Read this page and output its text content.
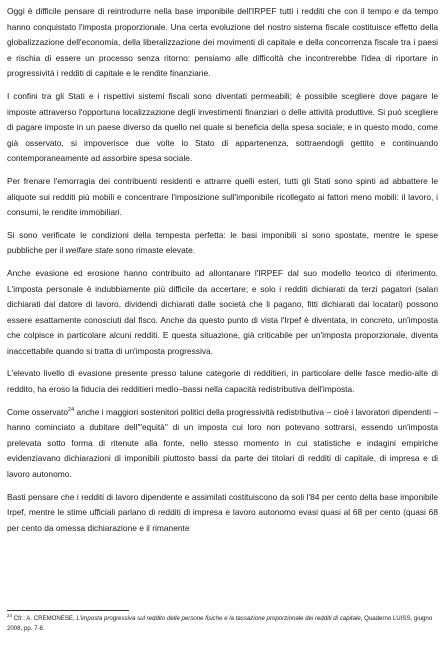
Oggi è difficile pensare di reintrodurre nella base imponibile dell'IRPEF tutti i redditi che con il tempo e da tempo hanno conquistato l'imposta proporzionale. Una certa evoluzione del nostro sistema fiscale costituisce effetto della globalizzazione dell'economia, della liberalizzazione dei movimenti di capitale e della concorrenza fiscale tra i paesi e rischia di essere un processo senza ritorno: pensiamo alle difficoltà che incontrerebbe l'idea di riportare in progressività i redditi di capitale e le rendite finanziarie.

I confini tra gli Stati e i rispettivi sistemi fiscali sono diventati permeabili; è possibile scegliere dove pagare le imposte attraverso l'opportuna localizzazione degli investimenti finanziari o delle attività produttive. Si può scegliere di pagare imposte in un paese diverso da quello nel quale si beneficia della spesa sociale; e in questo modo, come già osservato, si impoverisce due volte lo Stato di appartenenza, sottraendogli gettito e continuando contemporaneamente ad assorbire spesa sociale.

Per frenare l'emorragia dei contribuenti residenti e attrarre quelli esteri, tutti gli Stati sono spinti ad abbattere le aliquote sui redditi più mobili e concentrare l'imposizione sull'imponibile ricollegato ai fattori meno mobili: il lavoro, i consumi, le rendite immobiliari.

Si sono verificate le condizioni della tempesta perfetta: le basi imponibili si sono spostate, mentre le spese pubbliche per il welfare state sono rimaste elevate.

Anche evasione ed erosione hanno contribuito ad allontanare l'IRPEF dal suo modello teorico di riferimento. L'imposta personale è indubbiamente più difficile da accertare; e solo i redditi dichiarati da terzi pagatori (salari dichiarati dal datore di lavoro, dividendi dichiarati dalle società che li pagano, fitti dichiarati dai locatari) possono essere esattamente conosciuti dal fisco. Anche da questo punto di vista l'Irpef è diventata, in concreto, un'imposta che colpisce in particolare alcuni redditi. E questa situazione, già criticabile per un'imposta proporzionale, diventa inaccettabile quando si tratta di un'imposta progressiva.

L'elevato livello di evasione presente presso talune categorie di redditieri, in particolare delle fasce medio-alte di reddito, ha eroso la fiducia dei redditieri medio–bassi nella capacità redistributiva dell'imposta.

Come osservato$^{24}$ anche i maggiori sostenitori politici della progressività redistributiva – cioè i lavoratori dipendenti – hanno cominciato a dubitare dell'"equità" di un imposta cui loro non potevano sottrarsi, essendo un'imposta prelevata sotto forma di ritenute alla fonte, nello stesso momento in cui statistiche e indagini empiriche evidenziavano dichiarazioni di imponibili piuttosto bassi da parte dei titolari di redditi di capitale, di impresa e di lavoro autonomo.

Basti pensare che i redditi di lavoro dipendente e assimilati costituiscono da soli l'84 per cento della base imponibile Irpef, mentre le stime ufficiali parlano di redditi di impresa e lavoro autonomo evasi quasi al 68 per cento (quasi 68 per cento da omessa dichiarazione e il rimanente

$^{24}$ Cfr.: A. CREMONESE, L'imposta progressiva sul reddito delle persone fisiche e la tassazione proporzionale dei redditi di capitale, Quaderno LUISS, giugno 2008, pp. 7-8.
